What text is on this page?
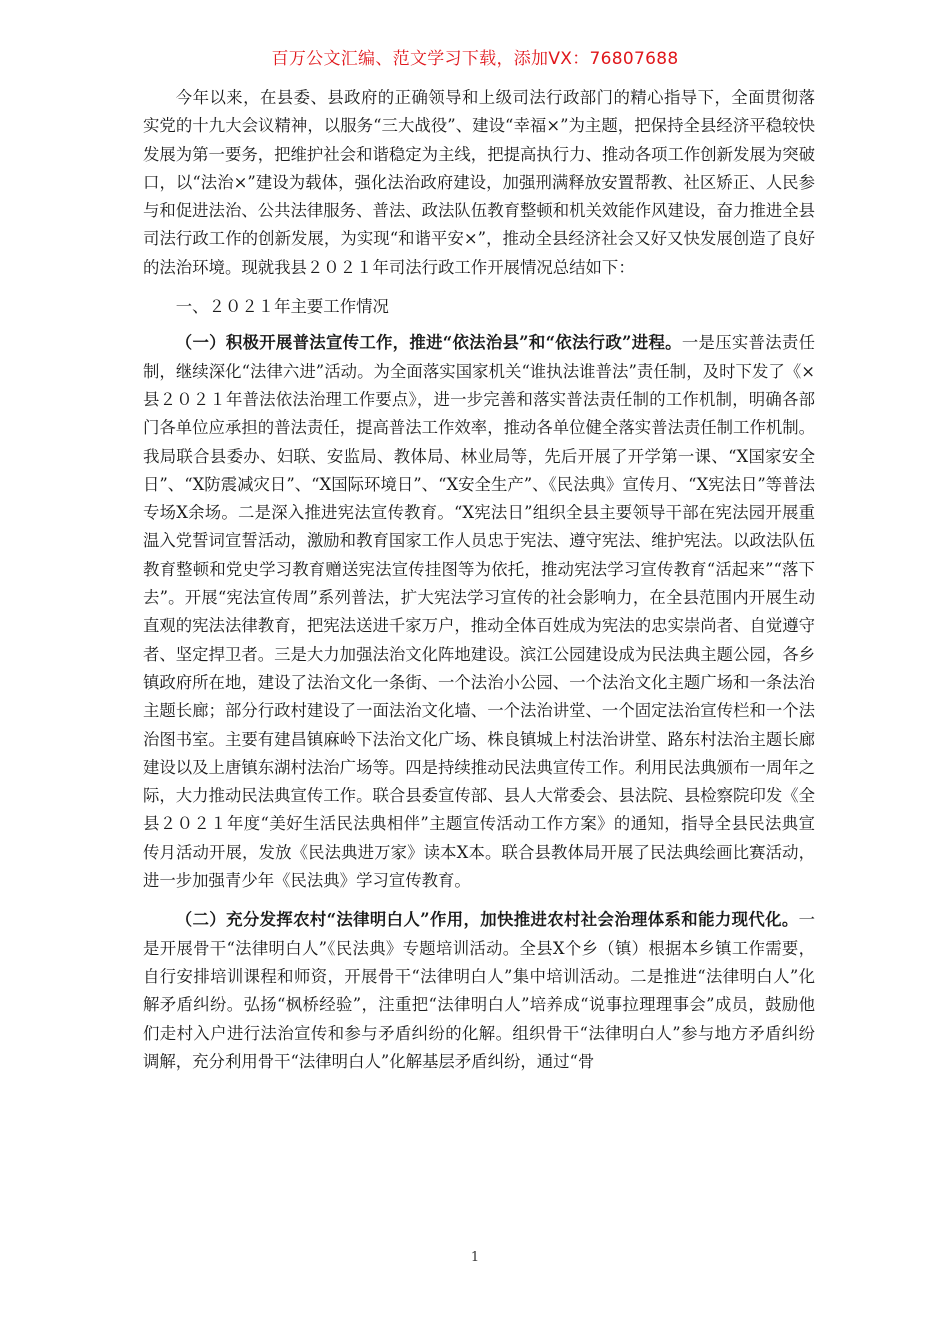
百万公文汇编、范文学习下载，添加VX：76807688

今年以来，在县委、县政府的正确领导和上级司法行政部门的精心指导下，全面贯彻落实党的十九大会议精神，以服务“三大战役”、建设“幸福×”为主题，把保持全县经济平稳较快发展为第一要务，把维护社会和谐稳定为主线，把提高执行力、推动各项工作创新发展为突破口，以“法治×”建设为载体，强化法治政府建设，加强刑满释放安置帮教、社区矫正、人民参与和促进法治、公共法律服务、普法、政法队伍教育整顿和机关效能作风建设，奋力推进全县司法行政工作的创新发展，为实现“和谐平安×”，推动全县经济社会又好又快发展创造了良好的法治环境。现就我县２０２１年司法行政工作开展情况总结如下：

一、２０２１年主要工作情况

（一）积极开展普法宣传工作，推进“依法治县”和“依法行政”进程。一是压实普法责任制，继续深化“法律六进”活动。为全面落实国家机关“谁执法谁普法”责任制，及时下发了《×县２０２１年普法依法治理工作要点》，进一步完善和落实普法责任制的工作机制，明确各部门各单位应承担的普法责任，提高普法工作效率，推动各单位健全落实普法责任制工作机制。我局联合县委办、妇联、安监局、教体局、林业局等，先后开展了开学第一课、“X国家安全日”、“X防震减灾日”、“X国际环境日”、“X安全生产”、《民法典》宣传月、“X宪法日”等普法专场X余场。二是深入推进宪法宣传教育。“X宪法日”组织全县主要领导干部在宪法园开展重温入党誓词宣誓活动，激励和教育国家工作人员忠于宪法、遵守宪法、维护宪法。以政法队伍教育整顿和党史学习教育赠送宪法宣传挂图等为依托，推动宪法学习宣传教育“活起来”“落下去”。开展“宪法宣传周”系列普法，扩大宪法学习宣传的社会影响力，在全县范围内开展生动直观的宪法法律教育，把宪法送进千家万户，推动全体百姓成为宪法的忠实崇尚者、自觉遵守者、坚定捍卫者。三是大力加强法治文化阵地建设。滨江公园建设成为民法典主题公园，各乡镇政府所在地，建设了法治文化一条街、一个法治小公园、一个法治文化主题广场和一条法治主题长廊；部分行政村建设了一面法治文化墙、一个法治讲堂、一个固定法治宣传栏和一个法治图书室。主要有建昌镇麻岭下法治文化广场、株良镇城上村法治讲堂、路东村法治主题长廊建设以及上唐镇东湖村法治广场等。四是持续推动民法典宣传工作。利用民法典颁布一周年之际，大力推动民法典宣传工作。联合县委宣传部、县人大常委会、县法院、县检察院印发《全县２０２１年度“美好生活民法典相伴”主题宣传活动工作方案》的通知，指导全县民法典宣传月活动开展，发放《民法典进万家》读本X本。联合县教体局开展了民法典绘画比赛活动，进一步加强青少年《民法典》学习宣传教育。

（二）充分发挥农村“法律明白人”作用，加快推进农村社会治理体系和能力现代化。一是开展骨干“法律明白人”《民法典》专题培训活动。全县X个乡（镇）根据本乡镇工作需要，自行安排培训课程和师资，开展骨干“法律明白人”集中培训活动。二是推进“法律明白人”化解矛盾纠纷。弘扬“枫桥经验”，注重把“法律明白人”培养成“说事拉理理事会”成员，鼓励他们走村入户进行法治宣传和参与矛盾纠纷的化解。组织骨干“法律明白人”参与地方矛盾纠纷调解，充分利用骨干“法律明白人”化解基层矛盾纠纷，通过“骨

1
